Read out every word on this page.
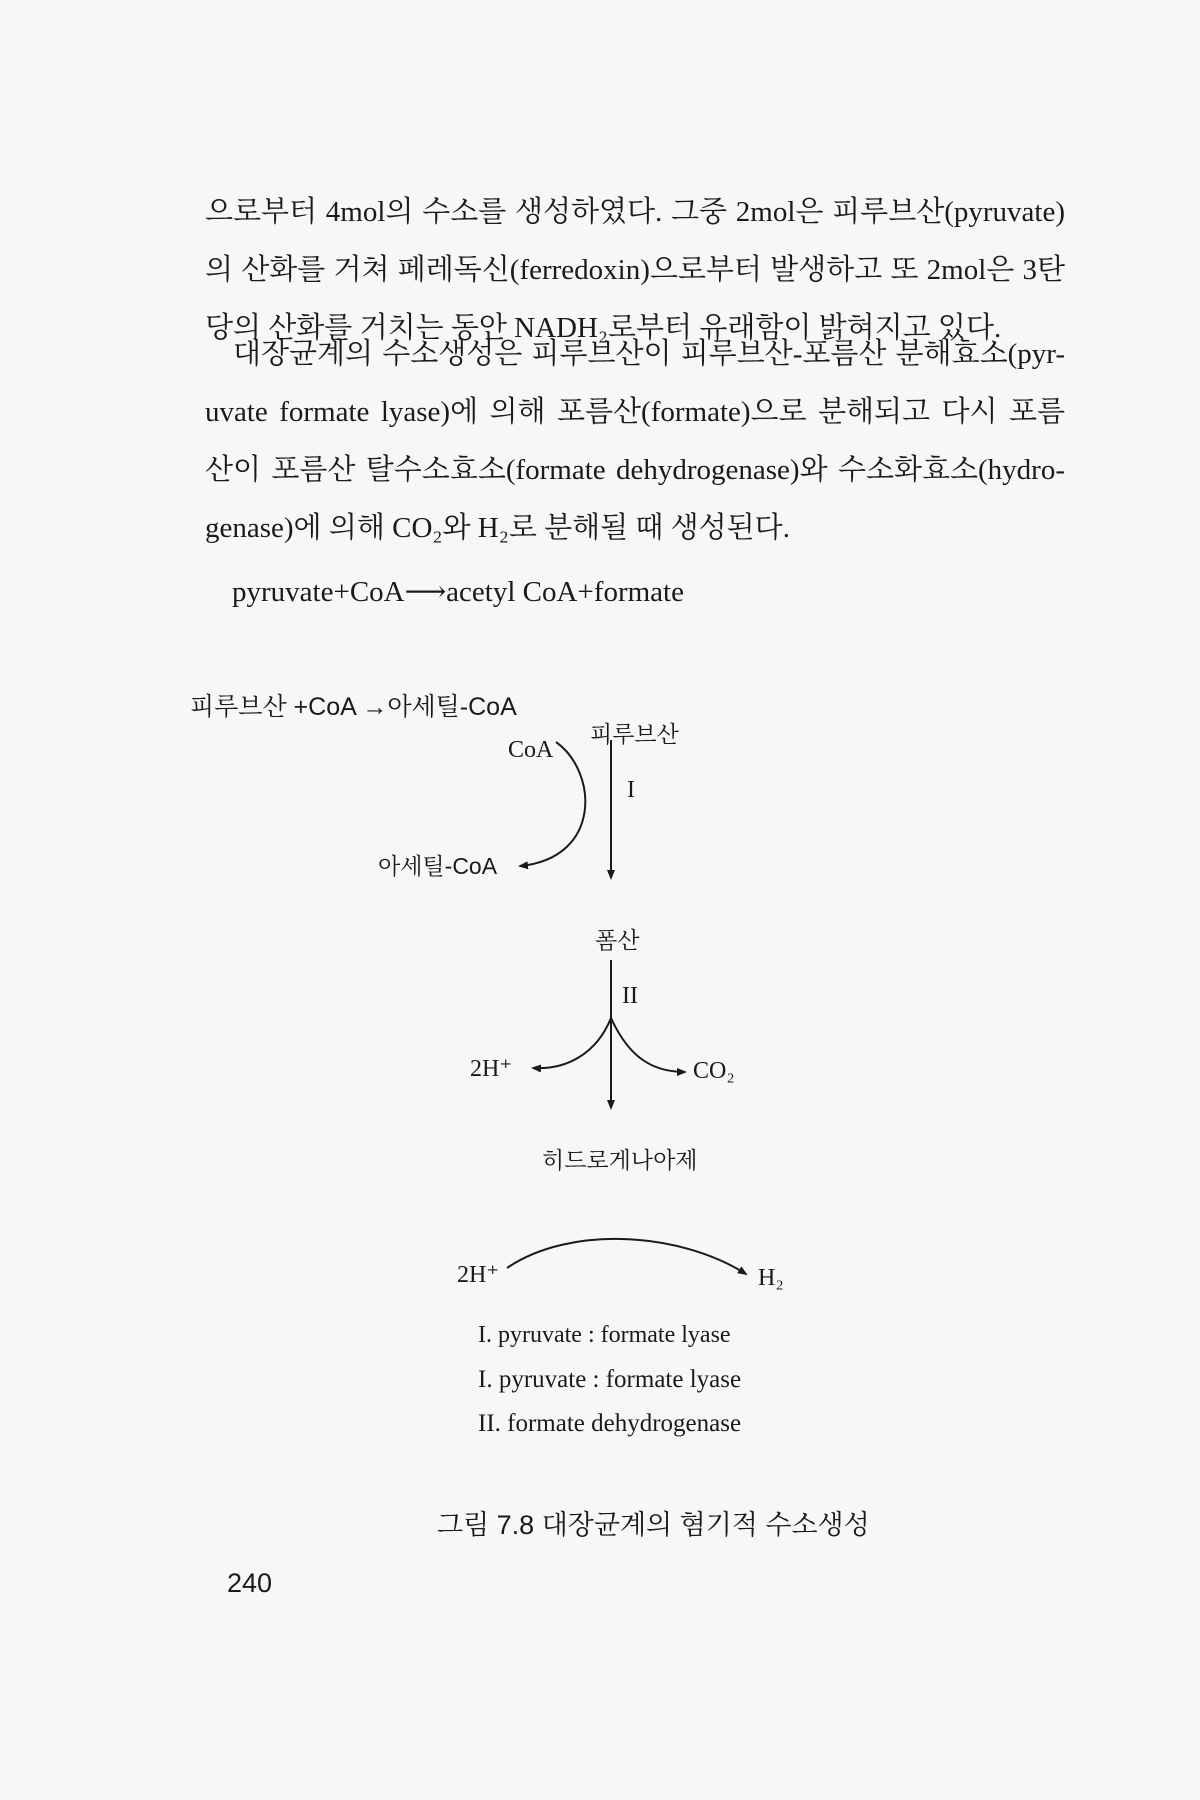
으로부터 4mol의 수소를 생성하였다. 그중 2mol은 피루브산(pyruvate)
의 산화를 거쳐 페레독신(ferredoxin)으로부터 발생하고 또 2mol은 3탄
당의 산화를 거치는 동안 NADH₂로부터 유래함이 밝혀지고 있다.
대장균계의 수소생성은 피루브산이 피루브산-포름산 분해효소(pyr-
uvate formate lyase)에 의해 포름산(formate)으로 분해되고 다시 포름
산이 포름산 탈수소효소(formate dehydrogenase)와 수소화효소(hydro-
genase)에 의해 CO₂와 H₂로 분해될 때 생성된다.
pyruvate+CoA⟶acetyl CoA+formate
피루브산 +CoA →아세틸-CoA
피루브산
CoA
I
아세틸-CoA
폼산
II
2H⁺	CO₂
히드로게나아제
2H⁺	H₂
I. pyruvate : formate lyase
I. pyruvate : formate lyase
II. formate dehydrogenase
그림 7.8 대장균계의 혐기적 수소생성
240
